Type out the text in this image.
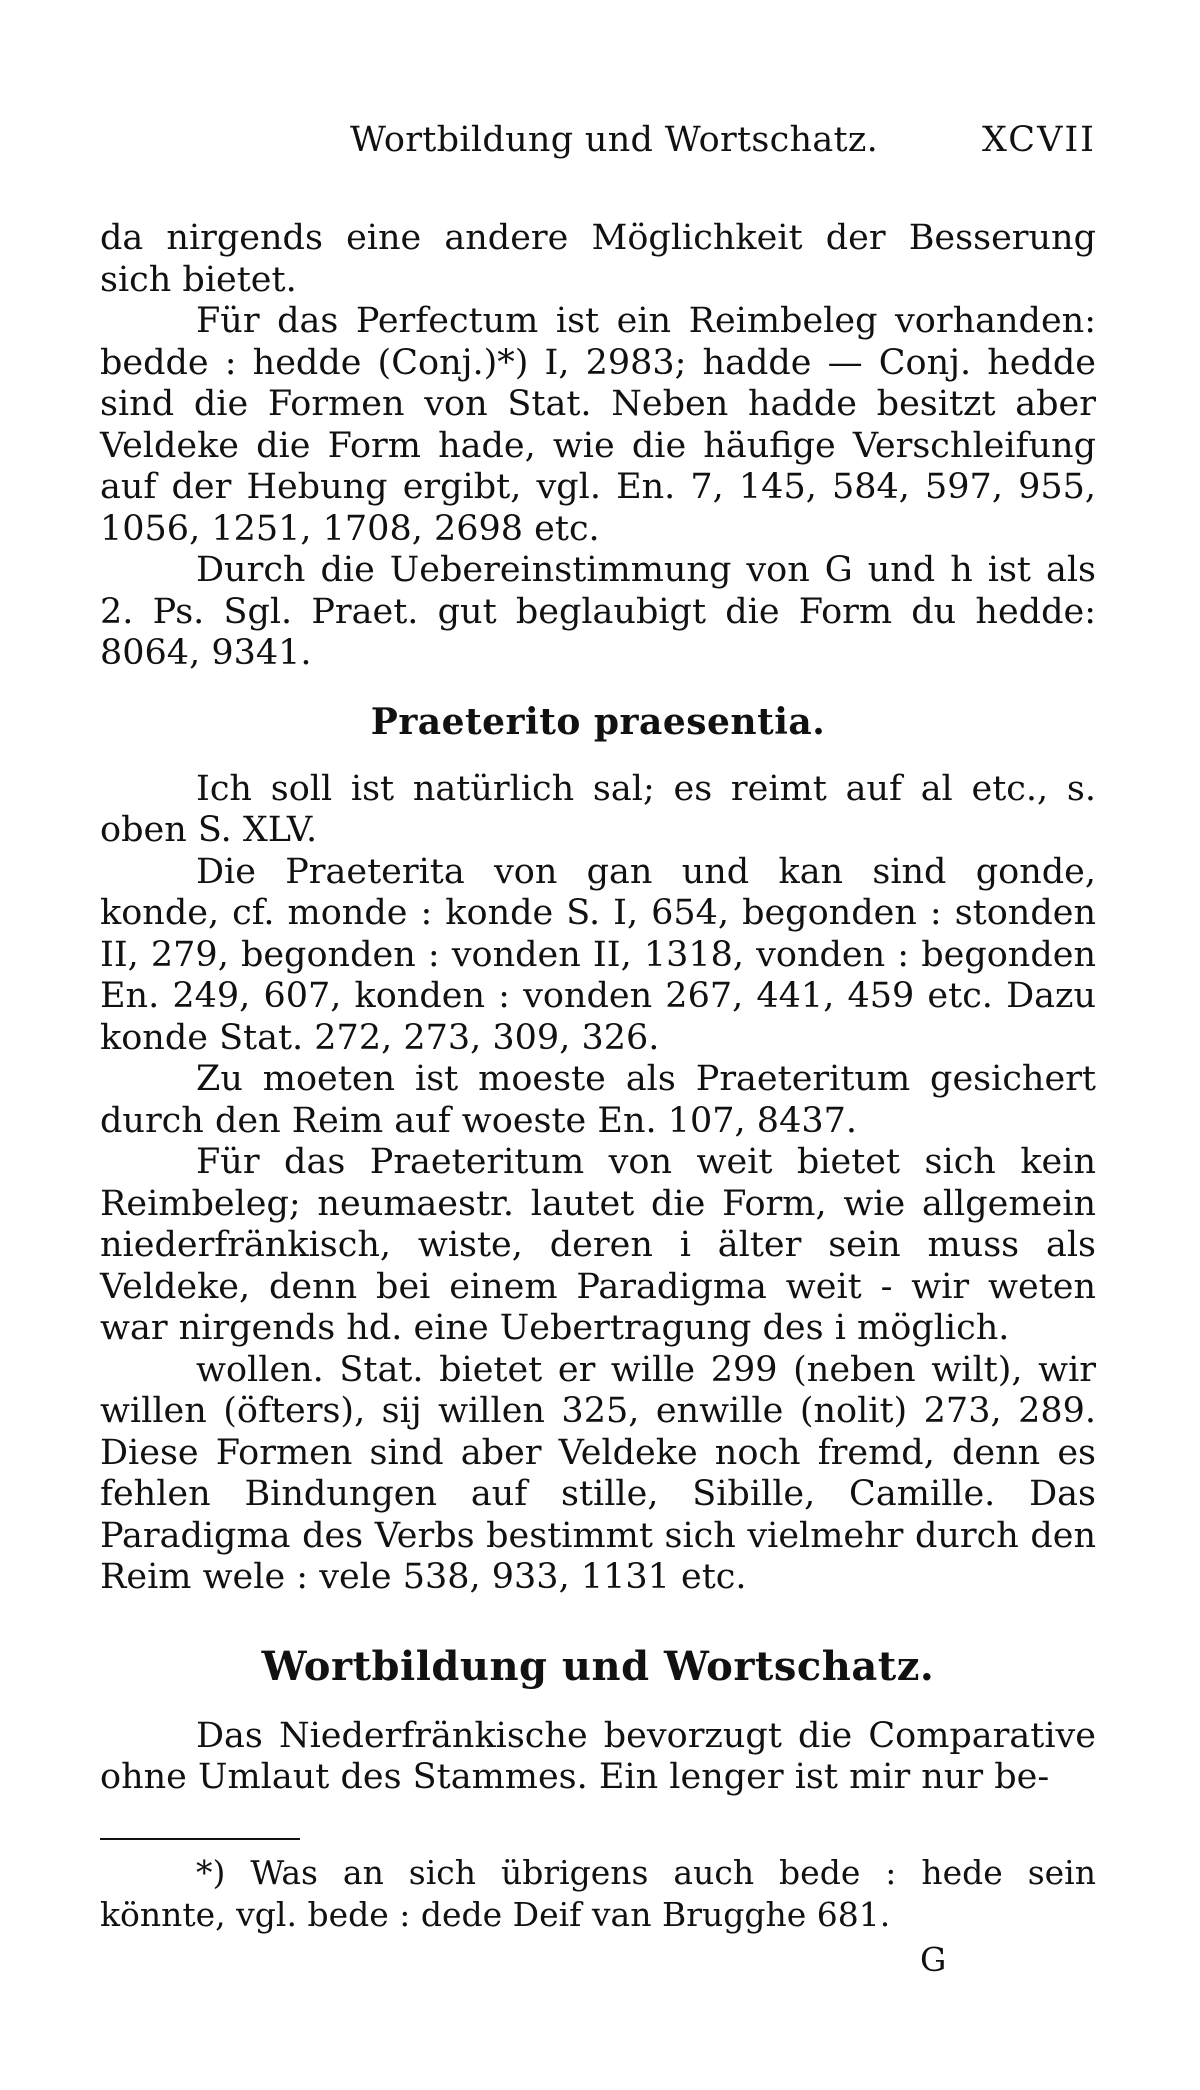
Wortbildung und Wortschatz.	XCVII

da nirgends eine andere Möglichkeit der Besserung sich bietet.

Für das Perfectum ist ein Reimbeleg vorhanden: bedde : hedde (Conj.)*) I, 2983; hadde — Conj. hedde sind die Formen von Stat. Neben hadde besitzt aber Veldeke die Form hade, wie die häufige Verschleifung auf der Hebung ergibt, vgl. En. 7, 145, 584, 597, 955, 1056, 1251, 1708, 2698 etc.

Durch die Uebereinstimmung von G und h ist als 2. Ps. Sgl. Praet. gut beglaubigt die Form du hedde: 8064, 9341.

Praeterito praesentia.

Ich soll ist natürlich sal; es reimt auf al etc., s. oben S. XLV.

Die Praeterita von gan und kan sind gonde, konde, cf. monde : konde S. I, 654, begonden : stonden II, 279, begonden : vonden II, 1318, vonden : begonden En. 249, 607, konden : vonden 267, 441, 459 etc. Dazu konde Stat. 272, 273, 309, 326.

Zu moeten ist moeste als Praeteritum gesichert durch den Reim auf woeste En. 107, 8437.

Für das Praeteritum von weit bietet sich kein Reimbeleg; neumaestr. lautet die Form, wie allgemein niederfränkisch, wiste, deren i älter sein muss als Veldeke, denn bei einem Paradigma weit - wir weten war nirgends hd. eine Uebertragung des i möglich.

wollen. Stat. bietet er wille 299 (neben wilt), wir willen (öfters), sij willen 325, enwille (nolit) 273, 289. Diese Formen sind aber Veldeke noch fremd, denn es fehlen Bindungen auf stille, Sibille, Camille. Das Paradigma des Verbs bestimmt sich vielmehr durch den Reim wele : vele 538, 933, 1131 etc.

Wortbildung und Wortschatz.

Das Niederfränkische bevorzugt die Comparative ohne Umlaut des Stammes. Ein lenger ist mir nur be-

*) Was an sich übrigens auch bede : hede sein könnte, vgl. bede : dede Deif van Brugghe 681.

G
